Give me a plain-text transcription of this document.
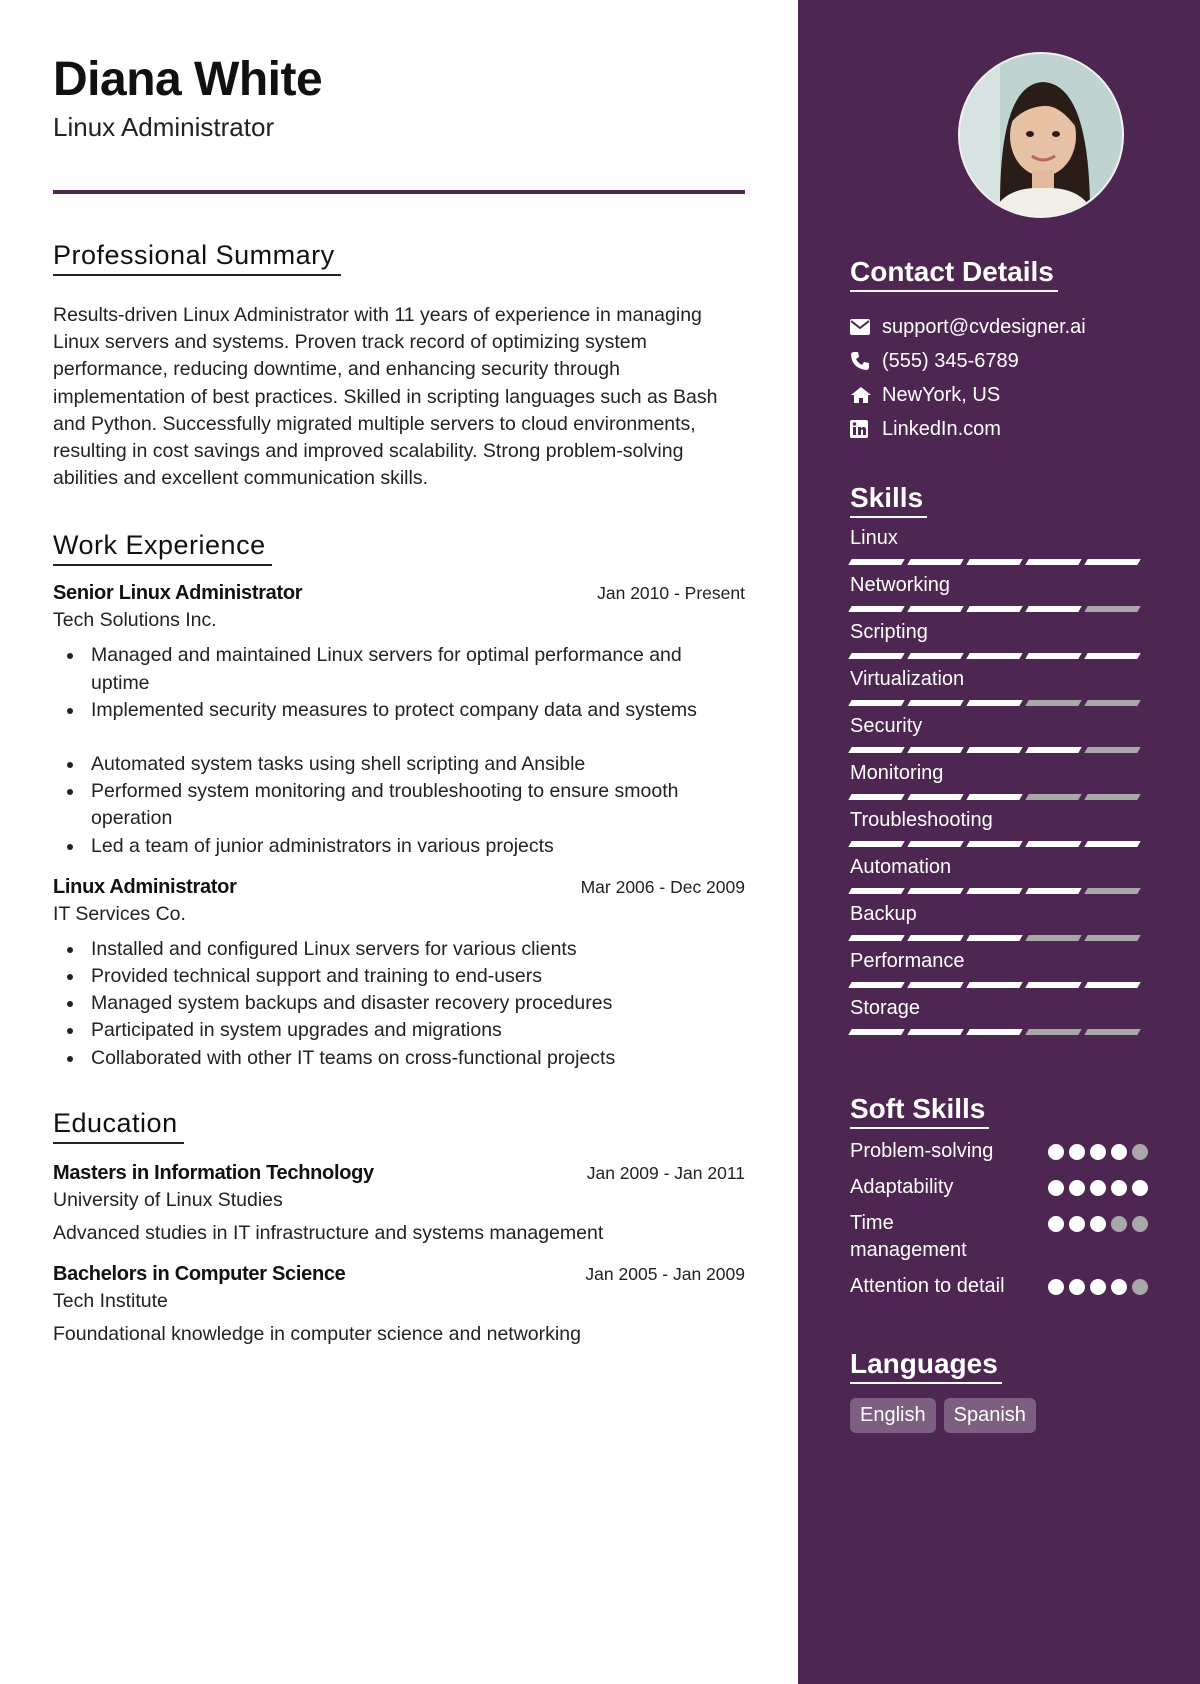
Diana White
Linux Administrator
Professional Summary

Results-driven Linux Administrator with 11 years of experience in managing Linux servers and systems. Proven track record of optimizing system performance, reducing downtime, and enhancing security through implementation of best practices. Skilled in scripting languages such as Bash and Python. Successfully migrated multiple servers to cloud environments, resulting in cost savings and improved scalability. Strong problem-solving abilities and excellent communication skills.

Work Experience
Senior Linux Administrator	Jan 2010 - Present
Tech Solutions Inc.
Managed and maintained Linux servers for optimal performance and uptime
Implemented security measures to protect company data and systems
Automated system tasks using shell scripting and Ansible
Performed system monitoring and troubleshooting to ensure smooth operation
Led a team of junior administrators in various projects
Linux Administrator	Mar 2006 - Dec 2009
IT Services Co.
Installed and configured Linux servers for various clients
Provided technical support and training to end-users
Managed system backups and disaster recovery procedures
Participated in system upgrades and migrations
Collaborated with other IT teams on cross-functional projects
Education
Masters in Information Technology	Jan 2009 - Jan 2011
University of Linux Studies
Advanced studies in IT infrastructure and systems management
Bachelors in Computer Science	Jan 2005 - Jan 2009
Tech Institute
Foundational knowledge in computer science and networking
Contact Details
support@cvdesigner.ai
(555) 345-6789
NewYork, US
LinkedIn.com
Skills
Linux
Networking
Scripting
Virtualization
Security
Monitoring
Troubleshooting
Automation
Backup
Performance
Storage
Soft Skills
Problem-solving
Adaptability
Time management
Attention to detail
Languages
English	Spanish
